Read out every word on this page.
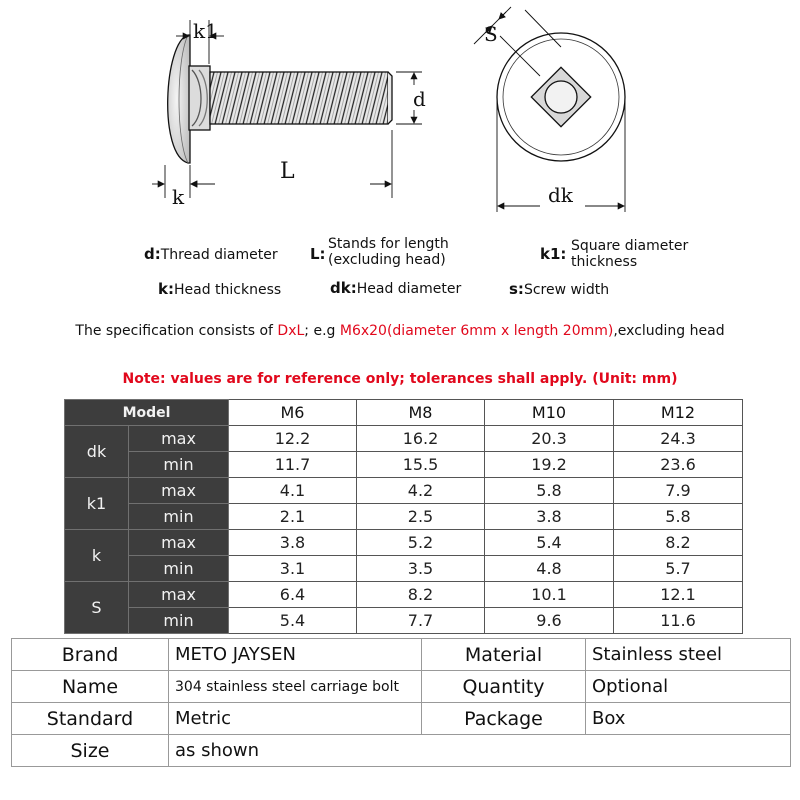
k1
d
L
k
S
dk
d:Thread diameter L:
Stands for length
(excluding head)	k1: Square diameter
thickness
k:Head thickness	dk:Head diameter	s:Screw width
The specification consists of DxL; e.g M6x20(diameter 6mm x length 20mm),excluding head
Note: values are for reference only; tolerances shall apply. (Unit: mm)
Model		M6	M8	M10	M12
dk	max	12.2	16.2	20.3	24.3
	min	11.7	15.5	19.2	23.6
k1	max	4.1	4.2	5.8	7.9
	min	2.1	2.5	3.8	5.8
k	max	3.8	5.2	5.4	8.2
	min	3.1	3.5	4.8	5.7
S	max	6.4	8.2	10.1	12.1
	min	5.4	7.7	9.6	11.6
Brand	METO JAYSEN	Material	Stainless steel
Name	304 stainless steel carriage bolt	Quantity	Optional
Standard	Metric	Package	Box
Size	as shown		
